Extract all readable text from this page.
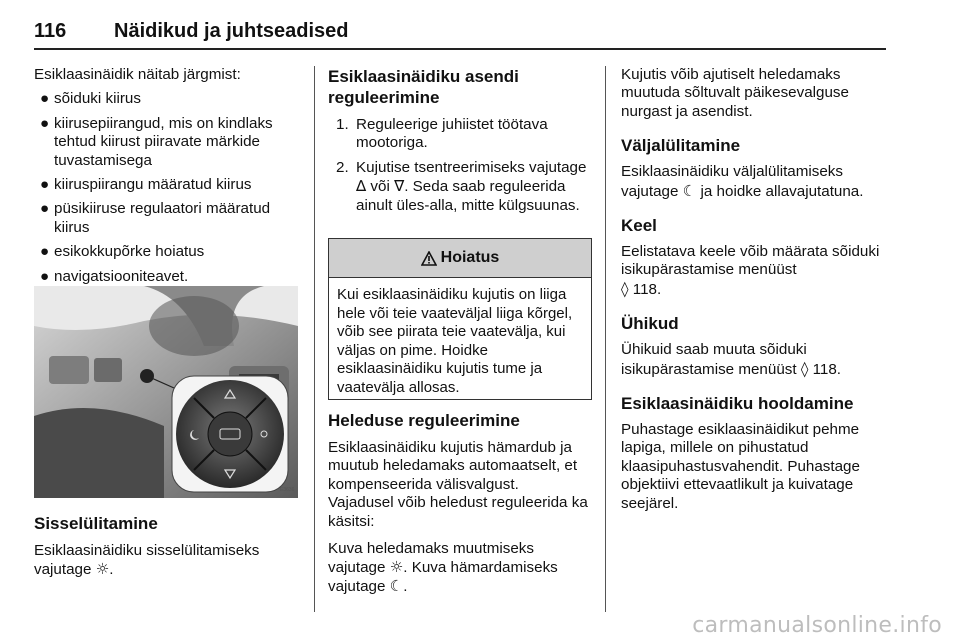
116 Näidikud ja juhtseadised

Esiklaasinäidik näitab järgmist:

● sõiduki kiirus
● kiirusepiirangud, mis on kindlaks tehtud kiirust piiravate märkide tuvastamisega
● kiiruspiirangu määratud kiirus
● püsikiiruse regulaatori määratud kiirus
● esikokkupõrke hoiatus
● navigatsiooniteavet.
E3636
Sisselülitamine

Esiklaasinäidiku sisselülitamiseks vajutage ☼.

Esiklaasinäidiku asendi
reguleerimine
1. Reguleerige juhiistet töötava mootoriga.
2. Kujutise tsentreerimiseks vajutage ∆ või ∇. Seda saab reguleerida ainult üles-alla, mitte külgsuunas.
Hoiatus
Kui esiklaasinäidiku kujutis on liiga hele või teie vaateväljal liiga kõrgel, võib see piirata teie vaatevälja, kui väljas on pime. Hoidke esiklaasinäidiku kujutis tume ja vaatevälja allosas.
Heleduse reguleerimine

Esiklaasinäidiku kujutis hämardub ja muutub heledamaks automaatselt, et kompenseerida välisvalgust.

Vajadusel võib heledust reguleerida ka käsitsi:

Kuva heledamaks muutmiseks vajutage ☼. Kuva hämardamiseks vajutage ☾.

Kujutis võib ajutiselt heledamaks muutuda sõltuvalt päikesevalguse nurgast ja asendist.

Väljalülitamine

Esiklaasinäidiku väljalülitamiseks vajutage ☾ ja hoidke allavajutatuna.

Keel

Eelistatava keele võib määrata sõiduki isikupärastamise menüüst
◊ 118.

Ühikud

Ühikuid saab muuta sõiduki isikupärastamise menüüst ◊ 118.

Esiklaasinäidiku hooldamine

Puhastage esiklaasinäidikut pehme lapiga, millele on pihustatud klaasipuhastusvahendit. Puhastage objektiivi ettevaatlikult ja kuivatage seejärel.

carmanualsonline.info
